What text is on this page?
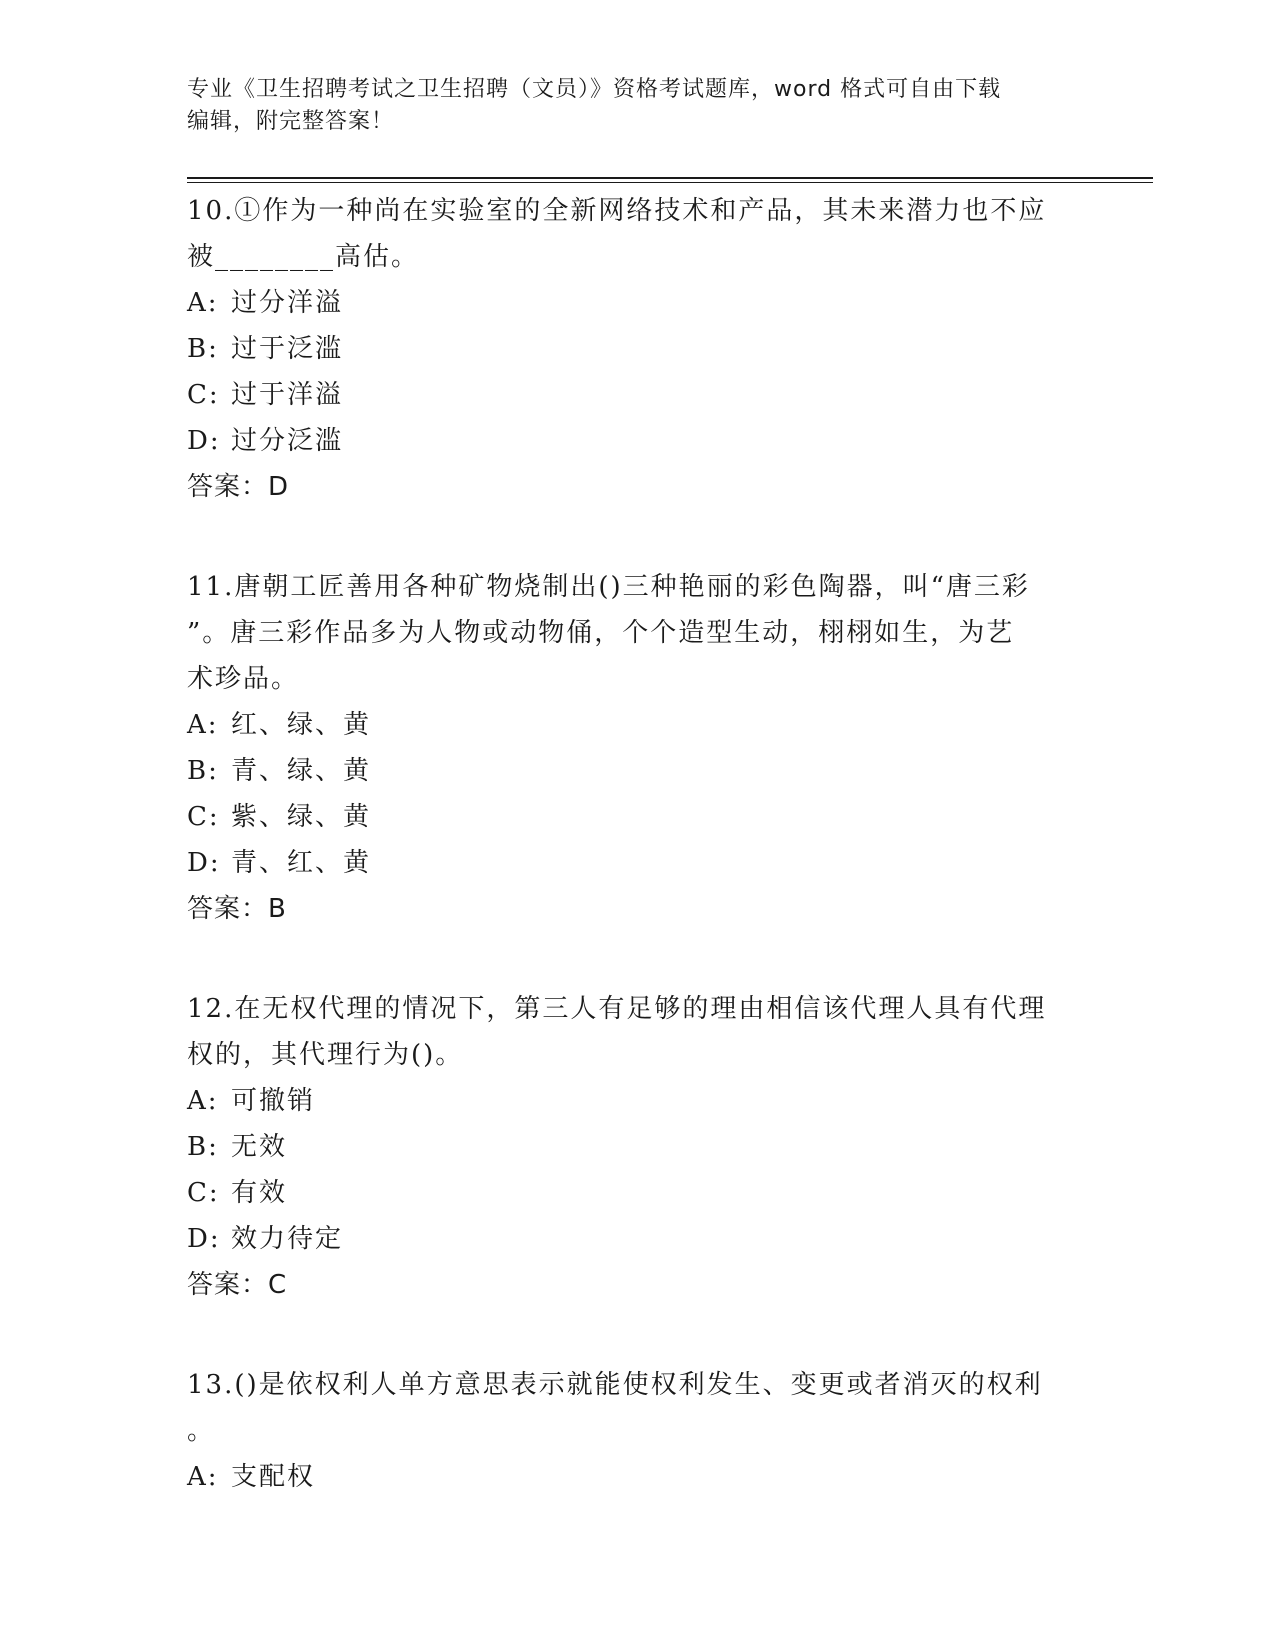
专业《卫生招聘考试之卫生招聘（文员）》资格考试题库，word 格式可自由下载
编辑，附完整答案！

10.①作为一种尚在实验室的全新网络技术和产品，其未来潜力也不应

被________高估。

A: 过分洋溢

B: 过于泛滥

C: 过于洋溢

D: 过分泛滥

答案：D

11.唐朝工匠善用各种矿物烧制出()三种艳丽的彩色陶器，叫“唐三彩

”。唐三彩作品多为人物或动物俑，个个造型生动，栩栩如生，为艺

术珍品。

A: 红、绿、黄

B: 青、绿、黄

C: 紫、绿、黄

D: 青、红、黄

答案：B

12.在无权代理的情况下，第三人有足够的理由相信该代理人具有代理

权的，其代理行为()。

A: 可撤销

B: 无效

C: 有效

D: 效力待定

答案：C

13.()是依权利人单方意思表示就能使权利发生、变更或者消灭的权利

。

A: 支配权
